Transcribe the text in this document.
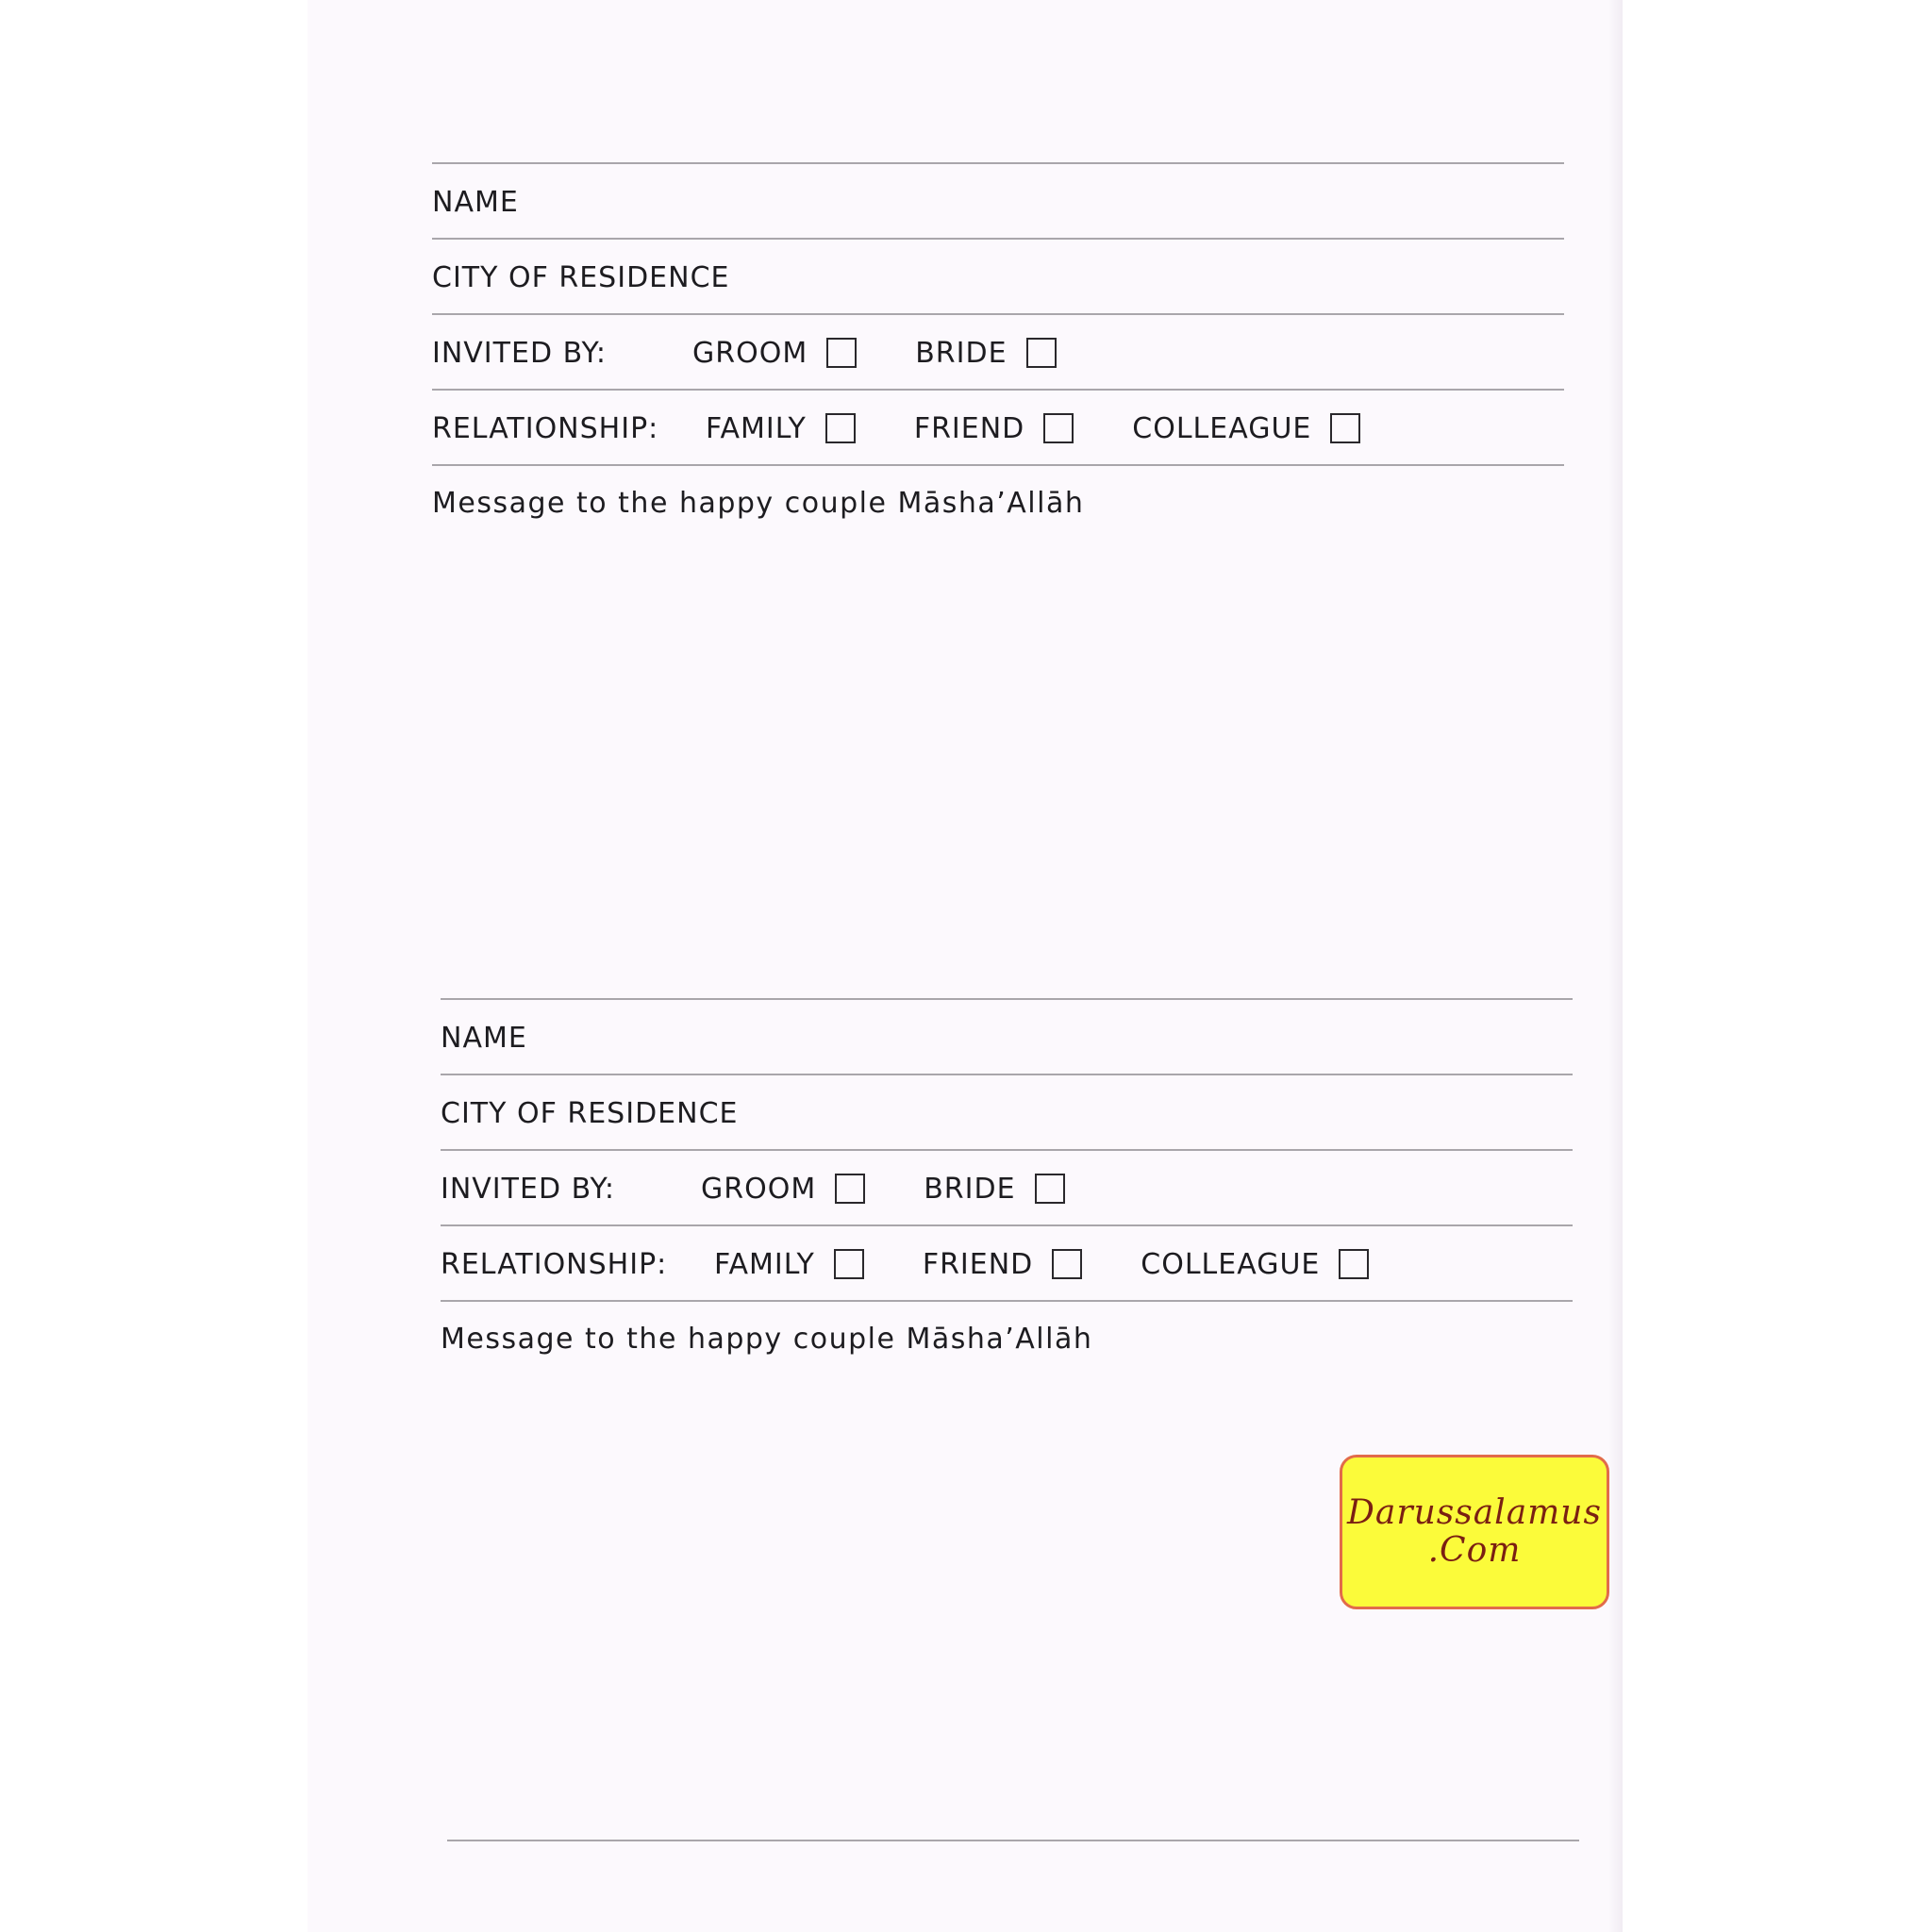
NAME
CITY OF RESIDENCE
INVITED BY:	GROOM	BRIDE
RELATIONSHIP:	FAMILY	FRIEND	COLLEAGUE
Message to the happy couple Māsha’Allāh
NAME
CITY OF RESIDENCE
INVITED BY:	GROOM	BRIDE
RELATIONSHIP:	FAMILY	FRIEND	COLLEAGUE
Message to the happy couple Māsha’Allāh
Darussalamus
.Com
